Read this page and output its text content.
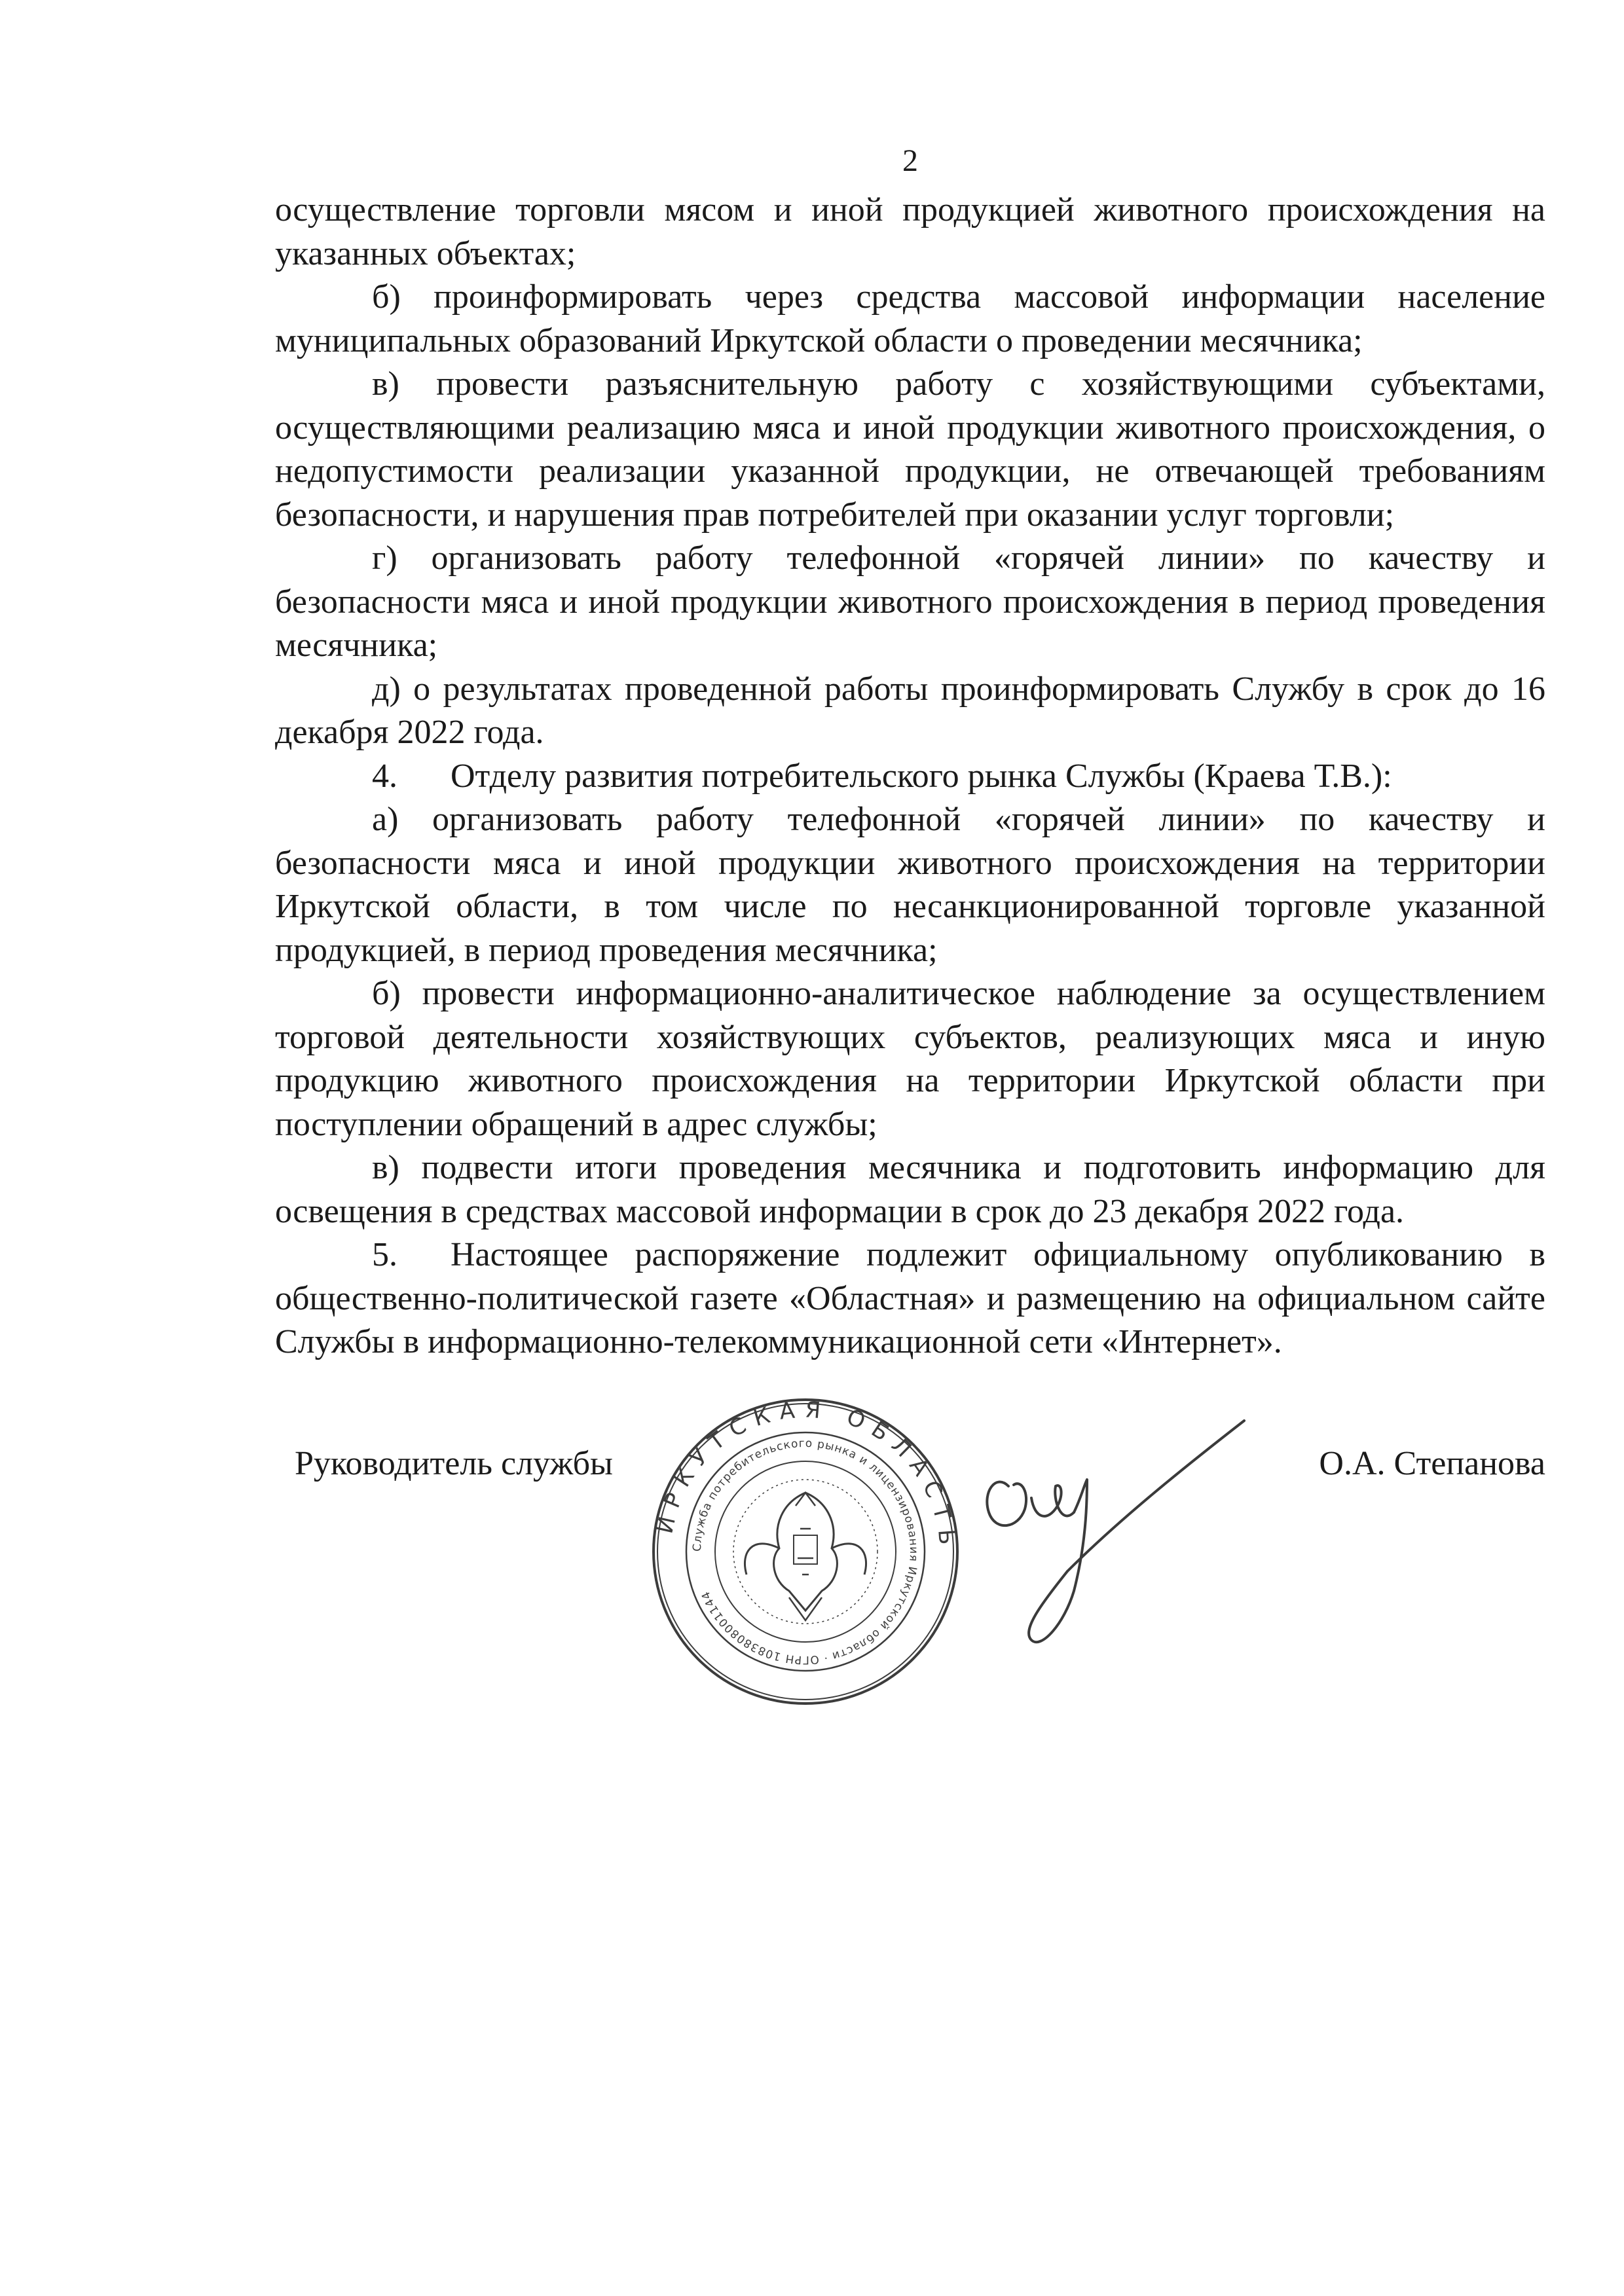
2

осуществление торговли мясом и иной продукцией животного происхождения на указанных объектах;

б) проинформировать через средства массовой информации население муниципальных образований Иркутской области о проведении месячника;

в) провести разъяснительную работу с хозяйствующими субъектами, осуществляющими реализацию мяса и иной продукции животного происхождения, о недопустимости реализации указанной продукции, не отвечающей требованиям безопасности, и нарушения прав потребителей при оказании услуг торговли;

г) организовать работу телефонной «горячей линии» по качеству и безопасности мяса и иной продукции животного происхождения в период проведения месячника;

д) о результатах проведенной работы проинформировать Службу в срок до 16 декабря 2022 года.

4. Отделу развития потребительского рынка Службы (Краева Т.В.):

а) организовать работу телефонной «горячей линии» по качеству и безопасности мяса и иной продукции животного происхождения на территории Иркутской области, в том числе по несанкционированной торговле указанной продукцией, в период проведения месячника;

б) провести информационно-аналитическое наблюдение за осуществлением торговой деятельности хозяйствующих субъектов, реализующих мяса и иную продукцию животного происхождения на территории Иркутской области при поступлении обращений в адрес службы;

в) подвести итоги проведения месячника и подготовить информацию для освещения в средствах массовой информации в срок до 23 декабря 2022 года.

5. Настоящее распоряжение подлежит официальному опубликованию в общественно-политической газете «Областная» и размещению на официальном сайте Службы в информационно-телекоммуникационной сети «Интернет».

Руководитель службы
ИРКУТСКАЯ ОБЛАСТЬ
Служба потребительского рынка и лицензирования Иркутской области · ОГРН 1083808001144
О.А. Степанова
